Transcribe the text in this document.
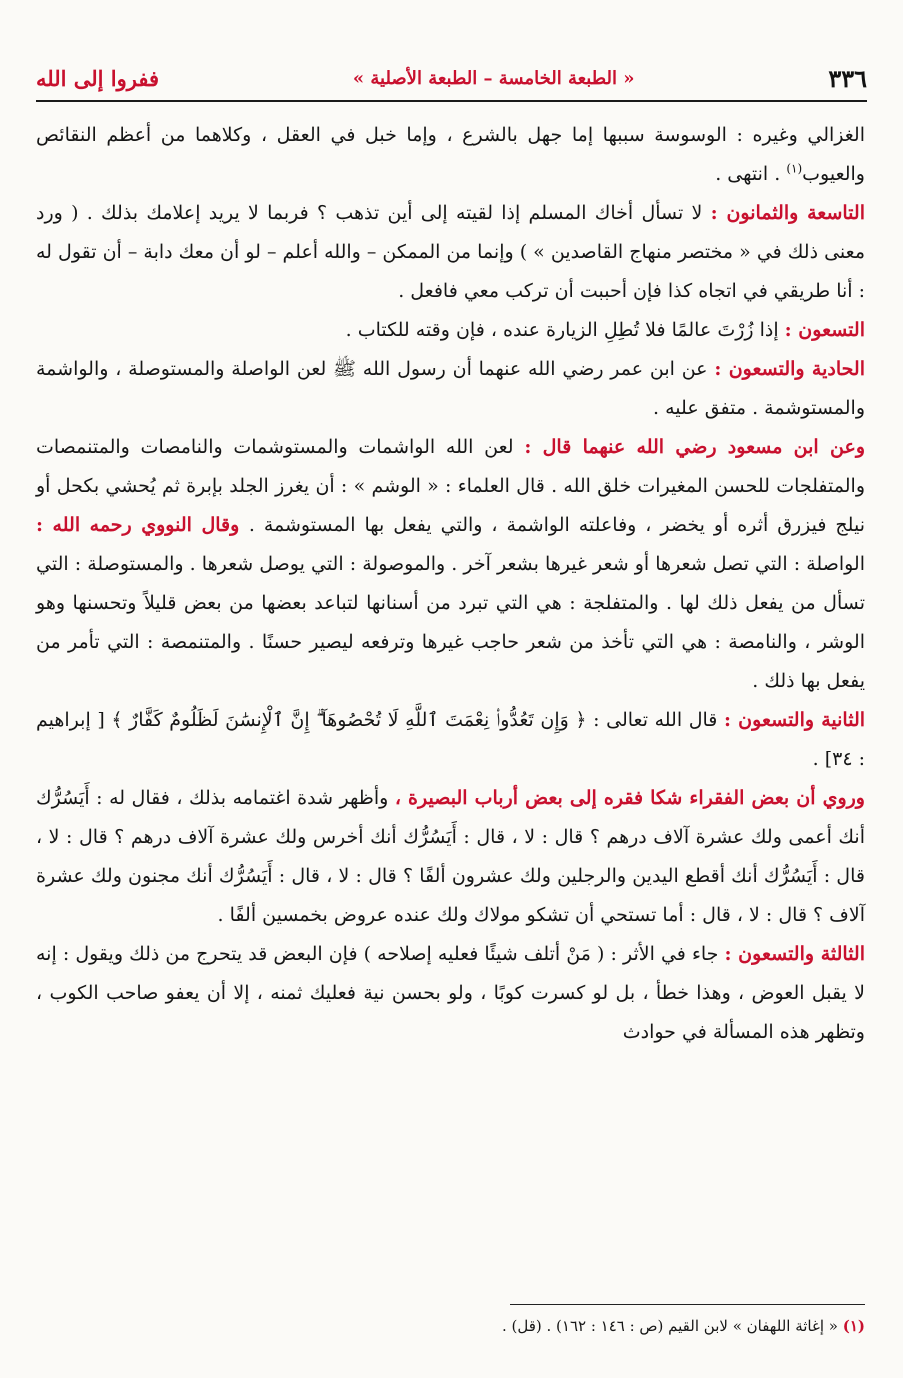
٣٣٦
« الطبعة الخامسة – الطبعة الأصلية »
ففروا إلى الله

الغزالي وغيره : الوسوسة سببها إما جهل بالشرع ، وإما خبل في العقل ، وكلاهما من أعظم النقائص والعيوب$^{(١)}$ . انتهى .

التاسعة والثمانون : لا تسأل أخاك المسلم إذا لقيته إلى أين تذهب ؟ فربما لا يريد إعلامك بذلك . ( ورد معنى ذلك في « مختصر منهاج القاصدين » ) وإنما من الممكن – والله أعلم – لو أن معك دابة – أن تقول له : أنا طريقي في اتجاه كذا فإن أحببت أن تركب معي فافعل .

التسعون : إذا زُرْتَ عالمًا فلا تُطِلِ الزيارة عنده ، فإن وقته للكتاب .

الحادية والتسعون : عن ابن عمر رضي الله عنهما أن رسول الله ﷺ لعن الواصلة والمستوصلة ، والواشمة والمستوشمة . متفق عليه .

وعن ابن مسعود رضي الله عنهما قال : لعن الله الواشمات والمستوشمات والنامصات والمتنمصات والمتفلجات للحسن المغيرات خلق الله . قال العلماء : « الوشم » : أن يغرز الجلد بإبرة ثم يُحشي بكحل أو نيلج فيزرق أثره أو يخضر ، وفاعلته الواشمة ، والتي يفعل بها المستوشمة . وقال النووي رحمه الله : الواصلة : التي تصل شعرها أو شعر غيرها بشعر آخر . والموصولة : التي يوصل شعرها . والمستوصلة : التي تسأل من يفعل ذلك لها . والمتفلجة : هي التي تبرد من أسنانها لتباعد بعضها من بعض قليلاً وتحسنها وهو الوشر ، والنامصة : هي التي تأخذ من شعر حاجب غيرها وترفعه ليصير حسنًا . والمتنمصة : التي تأمر من يفعل بها ذلك .

الثانية والتسعون : قال الله تعالى : ﴿ وَإِن تَعُدُّوا۟ نِعْمَتَ ٱللَّهِ لَا تُحْصُوهَآ ۗ إِنَّ ٱلْإِنسَٰنَ لَظَلُومٌ كَفَّارٌ ﴾ [ إبراهيم : ٣٤] .

وروي أن بعض الفقراء شكا فقره إلى بعض أرباب البصيرة ، وأظهر شدة اغتمامه بذلك ، فقال له : أَيَسُرُّك أنك أعمى ولك عشرة آلاف درهم ؟ قال : لا ، قال : أَيَسُرُّك أنك أخرس ولك عشرة آلاف درهم ؟ قال : لا ، قال : أَيَسُرُّك أنك أقطع اليدين والرجلين ولك عشرون ألفًا ؟ قال : لا ، قال : أَيَسُرُّك أنك مجنون ولك عشرة آلاف ؟ قال : لا ، قال : أما تستحي أن تشكو مولاك ولك عنده عروض بخمسين ألفًا .

الثالثة والتسعون : جاء في الأثر : ( مَنْ أتلف شيئًا فعليه إصلاحه ) فإن البعض قد يتحرج من ذلك ويقول : إنه لا يقبل العوض ، وهذا خطأ ، بل لو كسرت كوبًا ، ولو بحسن نية فعليك ثمنه ، إلا أن يعفو صاحب الكوب ، وتظهر هذه المسألة في حوادث

(١) « إغاثة اللهفان » لابن القيم (ص : ١٤٦ : ١٦٢) . (قل) .
